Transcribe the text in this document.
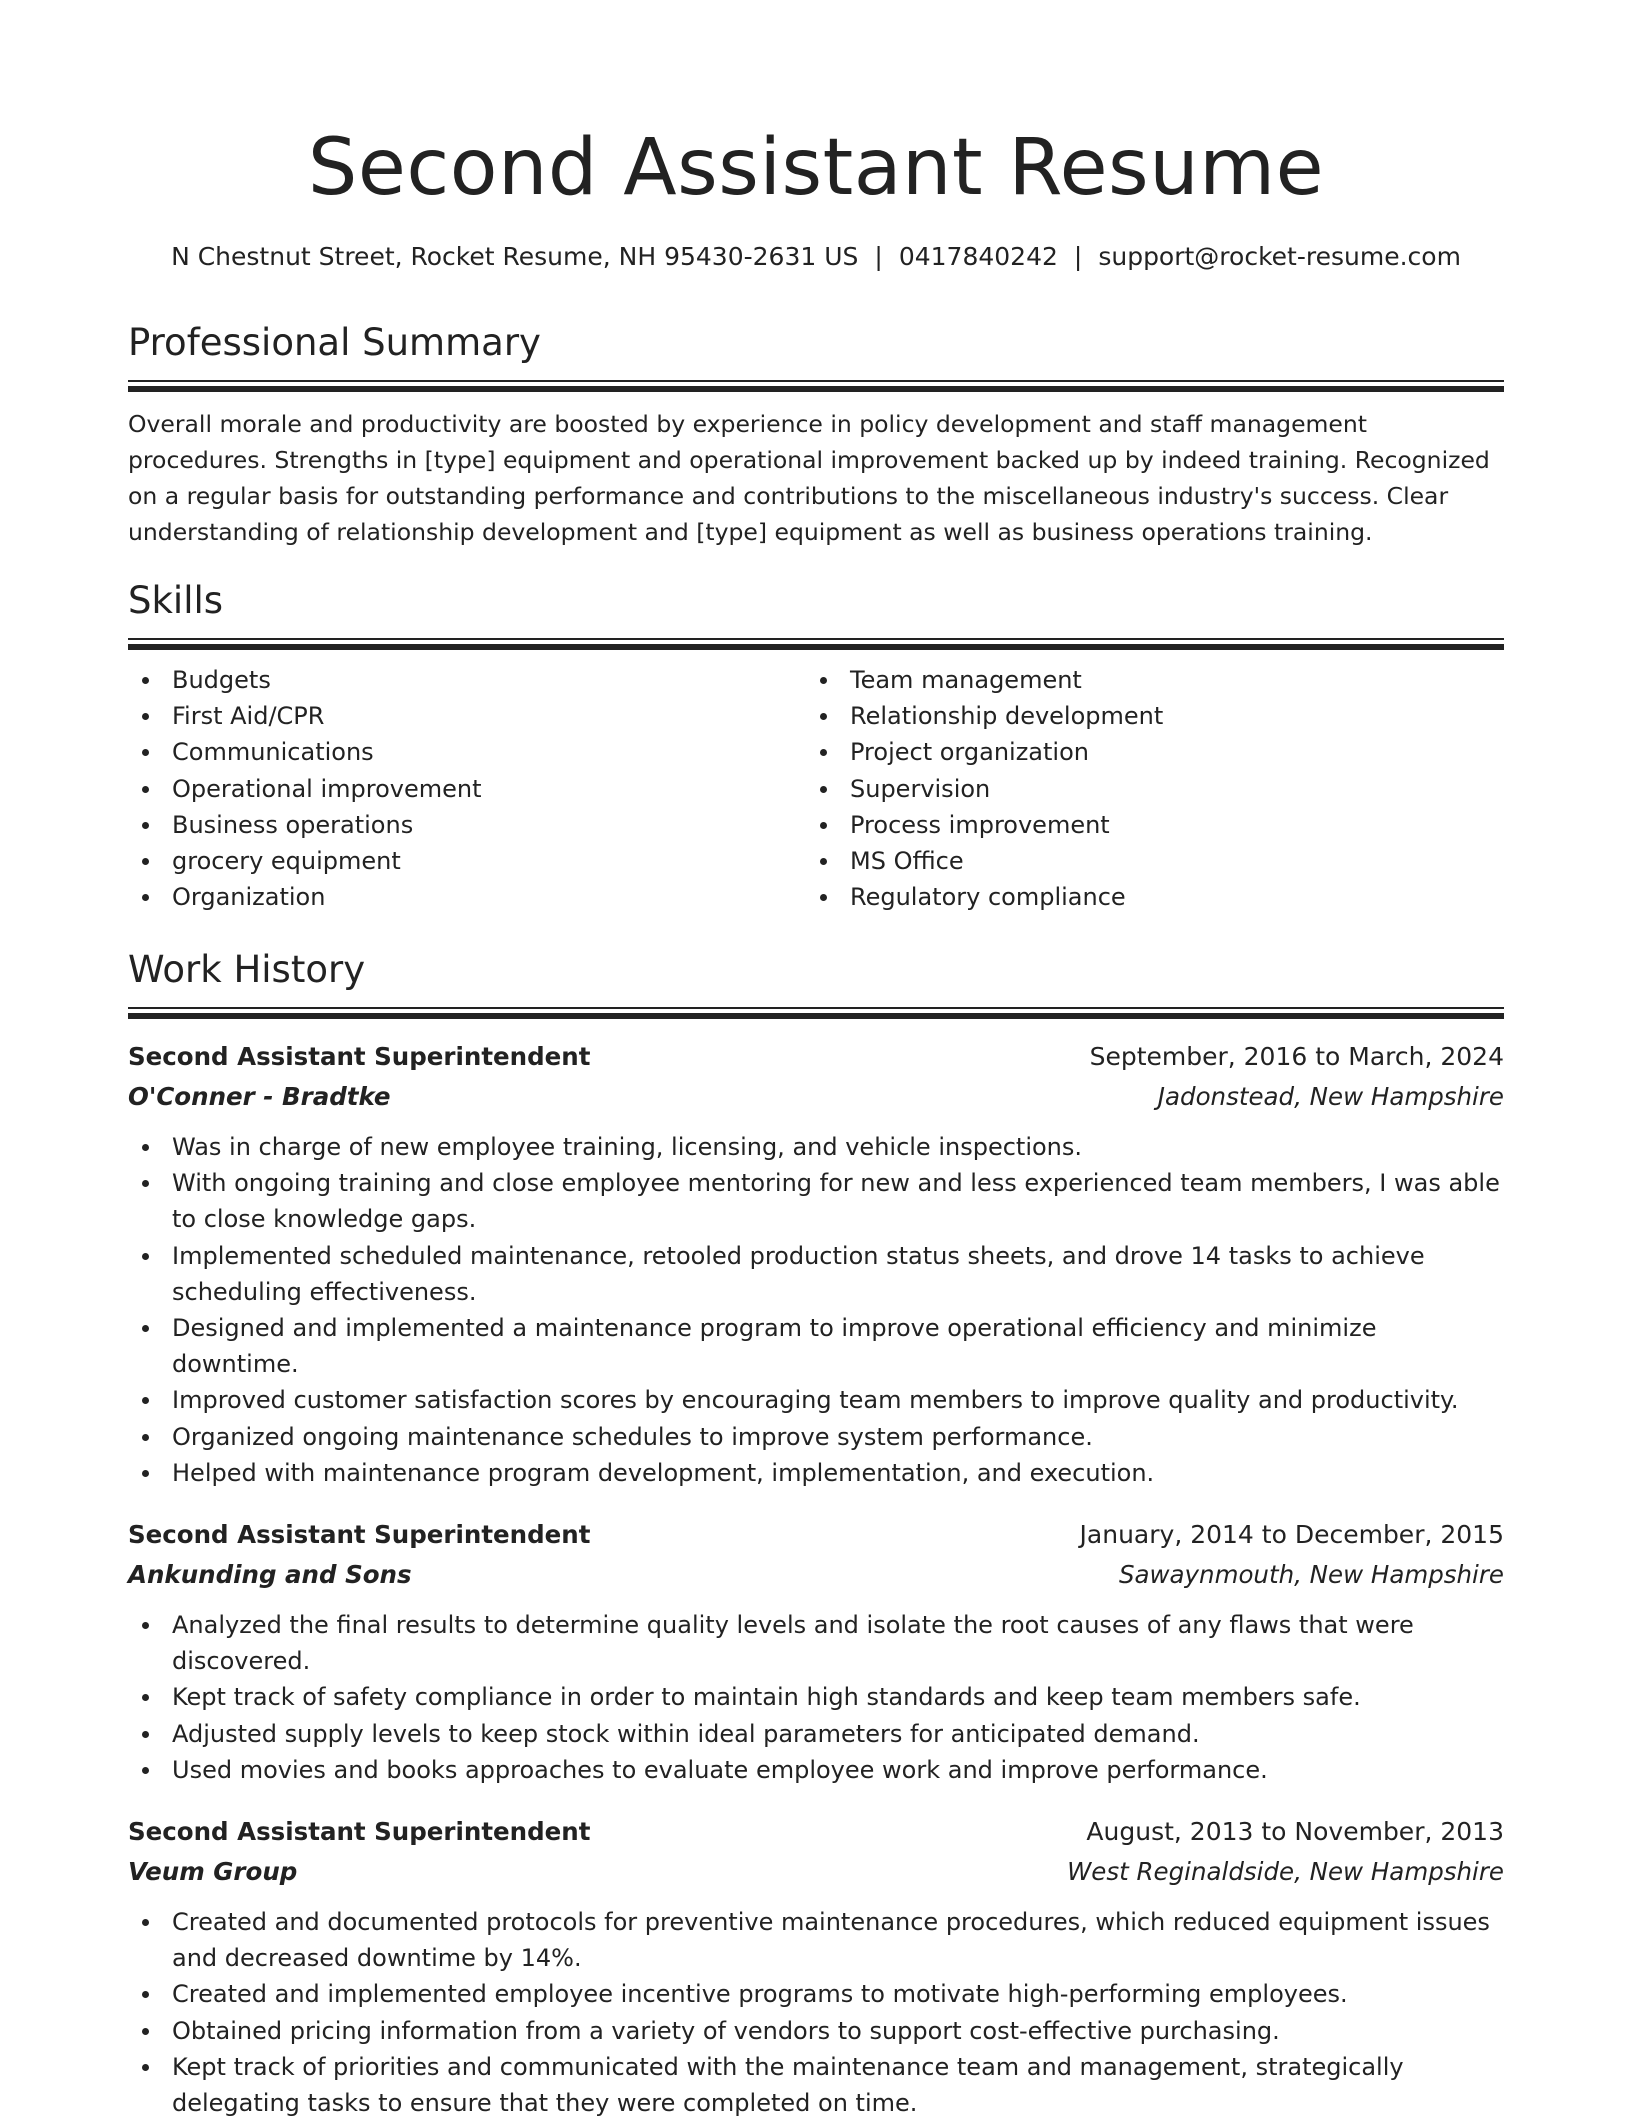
Second Assistant Resume
N Chestnut Street, Rocket Resume, NH 95430-2631 US | 0417840242 | support@rocket-resume.com
Professional Summary

Overall morale and productivity are boosted by experience in policy development and staff management procedures. Strengths in [type] equipment and operational improvement backed up by indeed training. Recognized on a regular basis for outstanding performance and contributions to the miscellaneous industry's success. Clear understanding of relationship development and [type] equipment as well as business operations training.

Skills
Budgets
First Aid/CPR
Communications
Operational improvement
Business operations
grocery equipment
Organization
Team management
Relationship development
Project organization
Supervision
Process improvement
MS Office
Regulatory compliance
Work History
Second Assistant Superintendent	September, 2016 to March, 2024
O'Conner - Bradtke	Jadonstead, New Hampshire
Was in charge of new employee training, licensing, and vehicle inspections.
With ongoing training and close employee mentoring for new and less experienced team members, I was able to close knowledge gaps.
Implemented scheduled maintenance, retooled production status sheets, and drove 14 tasks to achieve scheduling effectiveness.
Designed and implemented a maintenance program to improve operational efficiency and minimize downtime.
Improved customer satisfaction scores by encouraging team members to improve quality and productivity.
Organized ongoing maintenance schedules to improve system performance.
Helped with maintenance program development, implementation, and execution.
Second Assistant Superintendent	January, 2014 to December, 2015
Ankunding and Sons	Sawaynmouth, New Hampshire
Analyzed the final results to determine quality levels and isolate the root causes of any flaws that were discovered.
Kept track of safety compliance in order to maintain high standards and keep team members safe.
Adjusted supply levels to keep stock within ideal parameters for anticipated demand.
Used movies and books approaches to evaluate employee work and improve performance.
Second Assistant Superintendent	August, 2013 to November, 2013
Veum Group	West Reginaldside, New Hampshire
Created and documented protocols for preventive maintenance procedures, which reduced equipment issues and decreased downtime by 14%.
Created and implemented employee incentive programs to motivate high-performing employees.
Obtained pricing information from a variety of vendors to support cost-effective purchasing.
Kept track of priorities and communicated with the maintenance team and management, strategically delegating tasks to ensure that they were completed on time.
